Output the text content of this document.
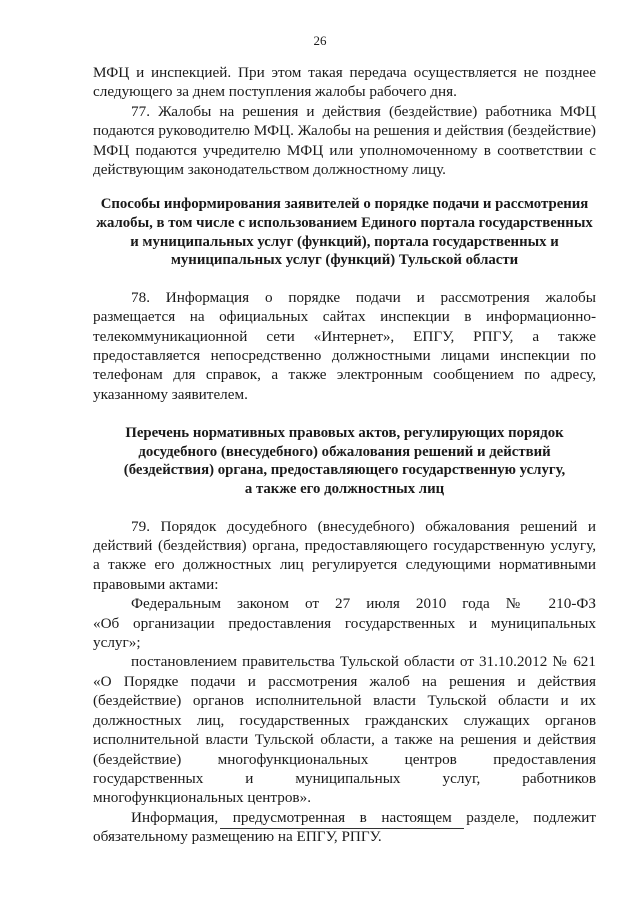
26

МФЦ и инспекцией. При этом такая передача осуществляется не позднее следующего за днем поступления жалобы рабочего дня.

77. Жалобы на решения и действия (бездействие) работника МФЦ подаются руководителю МФЦ. Жалобы на решения и действия (бездействие) МФЦ подаются учредителю МФЦ или уполномоченному в соответствии с действующим законодательством должностному лицу.

Способы информирования заявителей о порядке подачи и рассмотрения жалобы, в том числе с использованием Единого портала государственных и муниципальных услуг (функций), портала государственных и муниципальных услуг (функций) Тульской области

78. Информация о порядке подачи и рассмотрения жалобы размещается на официальных сайтах инспекции в информационно-телекоммуникационной сети «Интернет», ЕПГУ, РПГУ, а также предоставляется непосредственно должностными лицами инспекции по телефонам для справок, а также электронным сообщением по адресу, указанному заявителем.

Перечень нормативных правовых актов, регулирующих порядок
досудебного (внесудебного) обжалования решений и действий
(бездействия) органа, предоставляющего государственную услугу,
а также его должностных лиц

79. Порядок досудебного (внесудебного) обжалования решений и действий (бездействия) органа, предоставляющего государственную услугу, а также его должностных лиц регулируется следующими нормативными правовыми актами:

Федеральным законом от 27 июля 2010 года № 210-ФЗ

«Об организации предоставления государственных и муниципальных услуг»;

постановлением правительства Тульской области от 31.10.2012 № 621

«О Порядке подачи и рассмотрения жалоб на решения и действия (бездействие) органов исполнительной власти Тульской области и их должностных лиц, государственных гражданских служащих органов исполнительной власти Тульской области, а также на решения и действия (бездействие) многофункциональных центров предоставления государственных и муниципальных услуг, работников многофункциональных центров».

Информация, предусмотренная в настоящем разделе, подлежит обязательному размещению на ЕПГУ, РПГУ.
